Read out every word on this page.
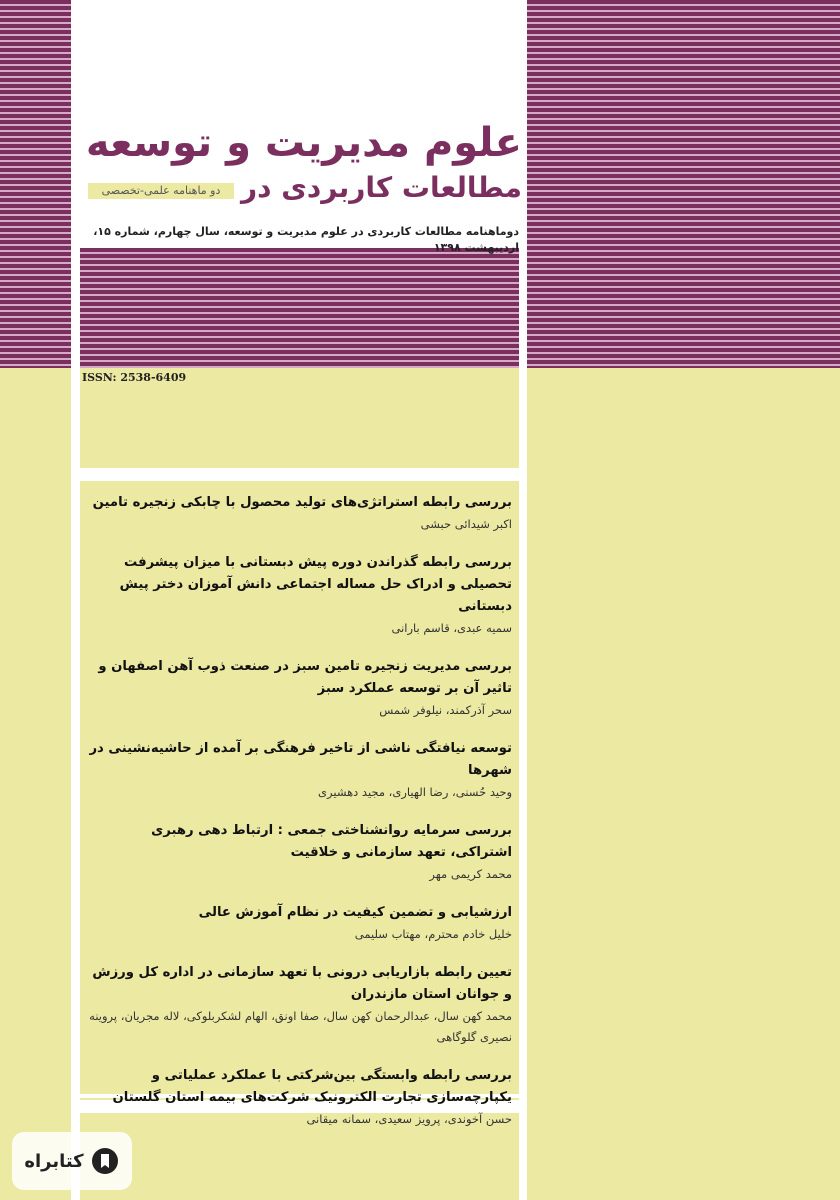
علوم مدیریت و توسعه
مطالعات کاربردی در
دو ماهنامه علمی-تخصصی
دوماهنامه مطالعات کاربردی در علوم مدیریت و توسعه، سال چهارم، شماره ۱۵، اردیبهشت ۱۳۹۸
ISSN: 2538-6409
بررسی رابطه استراتژی‌های تولید محصول با چابکی زنجیره تامین
اکبر شیدائی حبشی
بررسی رابطه گذراندن دوره پیش دبستانی با میزان پیشرفت تحصیلی و ادراک حل مساله اجتماعی دانش آموزان دختر پیش دبستانی
سمیه عبدی، قاسم بارانی
بررسی مدیریت زنجیره تامین سبز در صنعت ذوب آهن اصفهان و تاثیر آن بر توسعه عملکرد سبز
سحر آذرکمند، نیلوفر شمس
توسعه نیافتگی ناشی از تاخیر فرهنگی بر آمده از حاشیه‌نشینی در شهرها
وحید حُسنی، رضا الهیاری، مجید دهشیری
بررسی سرمایه روانشناختی جمعی : ارتباط دهی رهبری اشتراکی، تعهد سازمانی و خلاقیت
محمد کریمی مهر
ارزشیابی و تضمین کیفیت در نظام آموزش عالی
خلیل خادم محترم، مهتاب سلیمی
تعیین رابطه بازاریابی درونی با تعهد سازمانی در اداره کل ورزش و جوانان استان مازندران
محمد کهن سال، عبدالرحمان کهن سال، صفا اونق، الهام لشکربلوکی، لاله مجریان، پروینه نصیری گلوگاهی
بررسی رابطه وابستگی بین‌شرکتی با عملکرد عملیاتی و یکپارچه‌سازی تجارت الکترونیک شرکت‌های بیمه استان گلستان
حسن آخوندی، پرویز سعیدی، سمانه میقانی
کتابراه
